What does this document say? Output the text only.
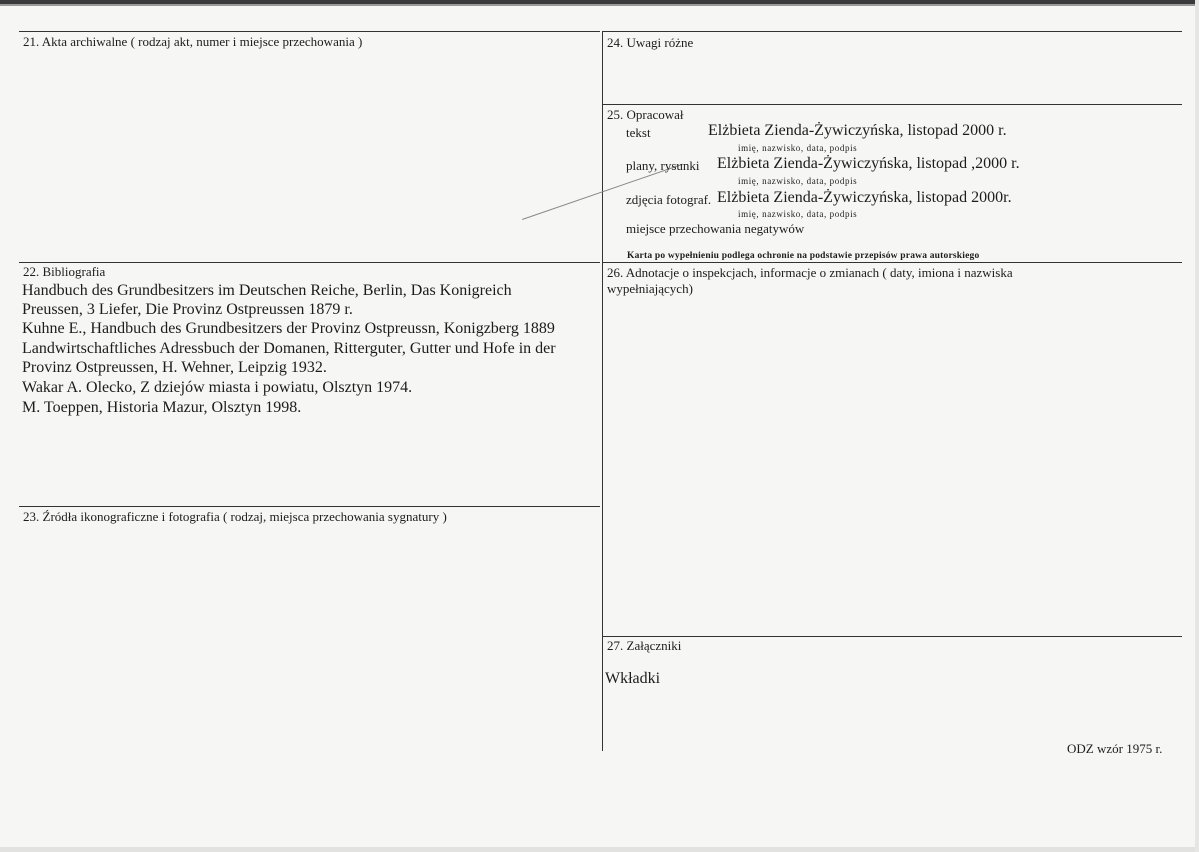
21. Akta archiwalne ( rodzaj akt, numer i miejsce przechowania )
22. Bibliografia
Handbuch des Grundbesitzers im Deutschen Reiche, Berlin, Das Konigreich
Preussen, 3 Liefer, Die Provinz Ostpreussen 1879 r.
Kuhne E., Handbuch des Grundbesitzers der Provinz Ostpreussn, Konigzberg 1889
Landwirtschaftliches Adressbuch der Domanen, Ritterguter, Gutter und Hofe in der
Provinz Ostpreussen, H. Wehner, Leipzig 1932.
Wakar A. Olecko, Z dziejów miasta i powiatu, Olsztyn 1974.
M. Toeppen, Historia Mazur, Olsztyn 1998.
23. Źródła ikonograficzne i fotografia ( rodzaj, miejsca przechowania sygnatury )
24. Uwagi różne
25. Opracował
tekst	Elżbieta Zienda-Żywiczyńska, listopad 2000 r.
imię, nazwisko, data, podpis
plany, rysunki Elżbieta Zienda-Żywiczyńska, listopad ,2000 r.
imię, nazwisko, data, podpis
zdjęcia fotograf. Elżbieta Zienda-Żywiczyńska, listopad 2000r.
imię, nazwisko, data, podpis
miejsce przechowania negatywów
Karta po wypełnieniu podlega ochronie na podstawie przepisów prawa autorskiego
26. Adnotacje o inspekcjach, informacje o zmianach ( daty, imiona i nazwiska
wypełniających)
27. Załączniki
Wkładki
ODZ wzór 1975 r.
